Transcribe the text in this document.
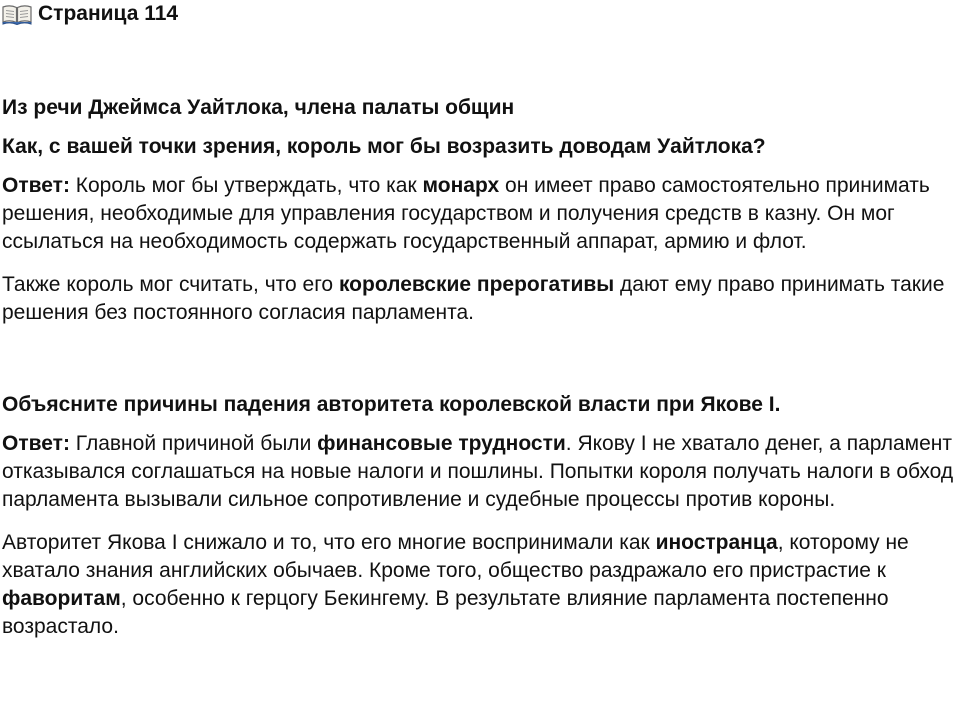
Страница 114

Из речи Джеймса Уайтлока, члена палаты общин

Как, с вашей точки зрения, король мог бы возразить доводам Уайтлока?

Ответ: Король мог бы утверждать, что как монарх он имеет право самостоятельно принимать решения, необходимые для управления государством и получения средств в казну. Он мог ссылаться на необходимость содержать государственный аппарат, армию и флот.

Также король мог считать, что его королевские прерогативы дают ему право принимать такие решения без постоянного согласия парламента.

Объясните причины падения авторитета королевской власти при Якове I.

Ответ: Главной причиной были финансовые трудности. Якову I не хватало денег, а парламент отказывался соглашаться на новые налоги и пошлины. Попытки короля получать налоги в обход парламента вызывали сильное сопротивление и судебные процессы против короны.

Авторитет Якова I снижало и то, что его многие воспринимали как иностранца, которому не хватало знания английских обычаев. Кроме того, общество раздражало его пристрастие к фаворитам, особенно к герцогу Бекингему. В результате влияние парламента постепенно возрастало.
